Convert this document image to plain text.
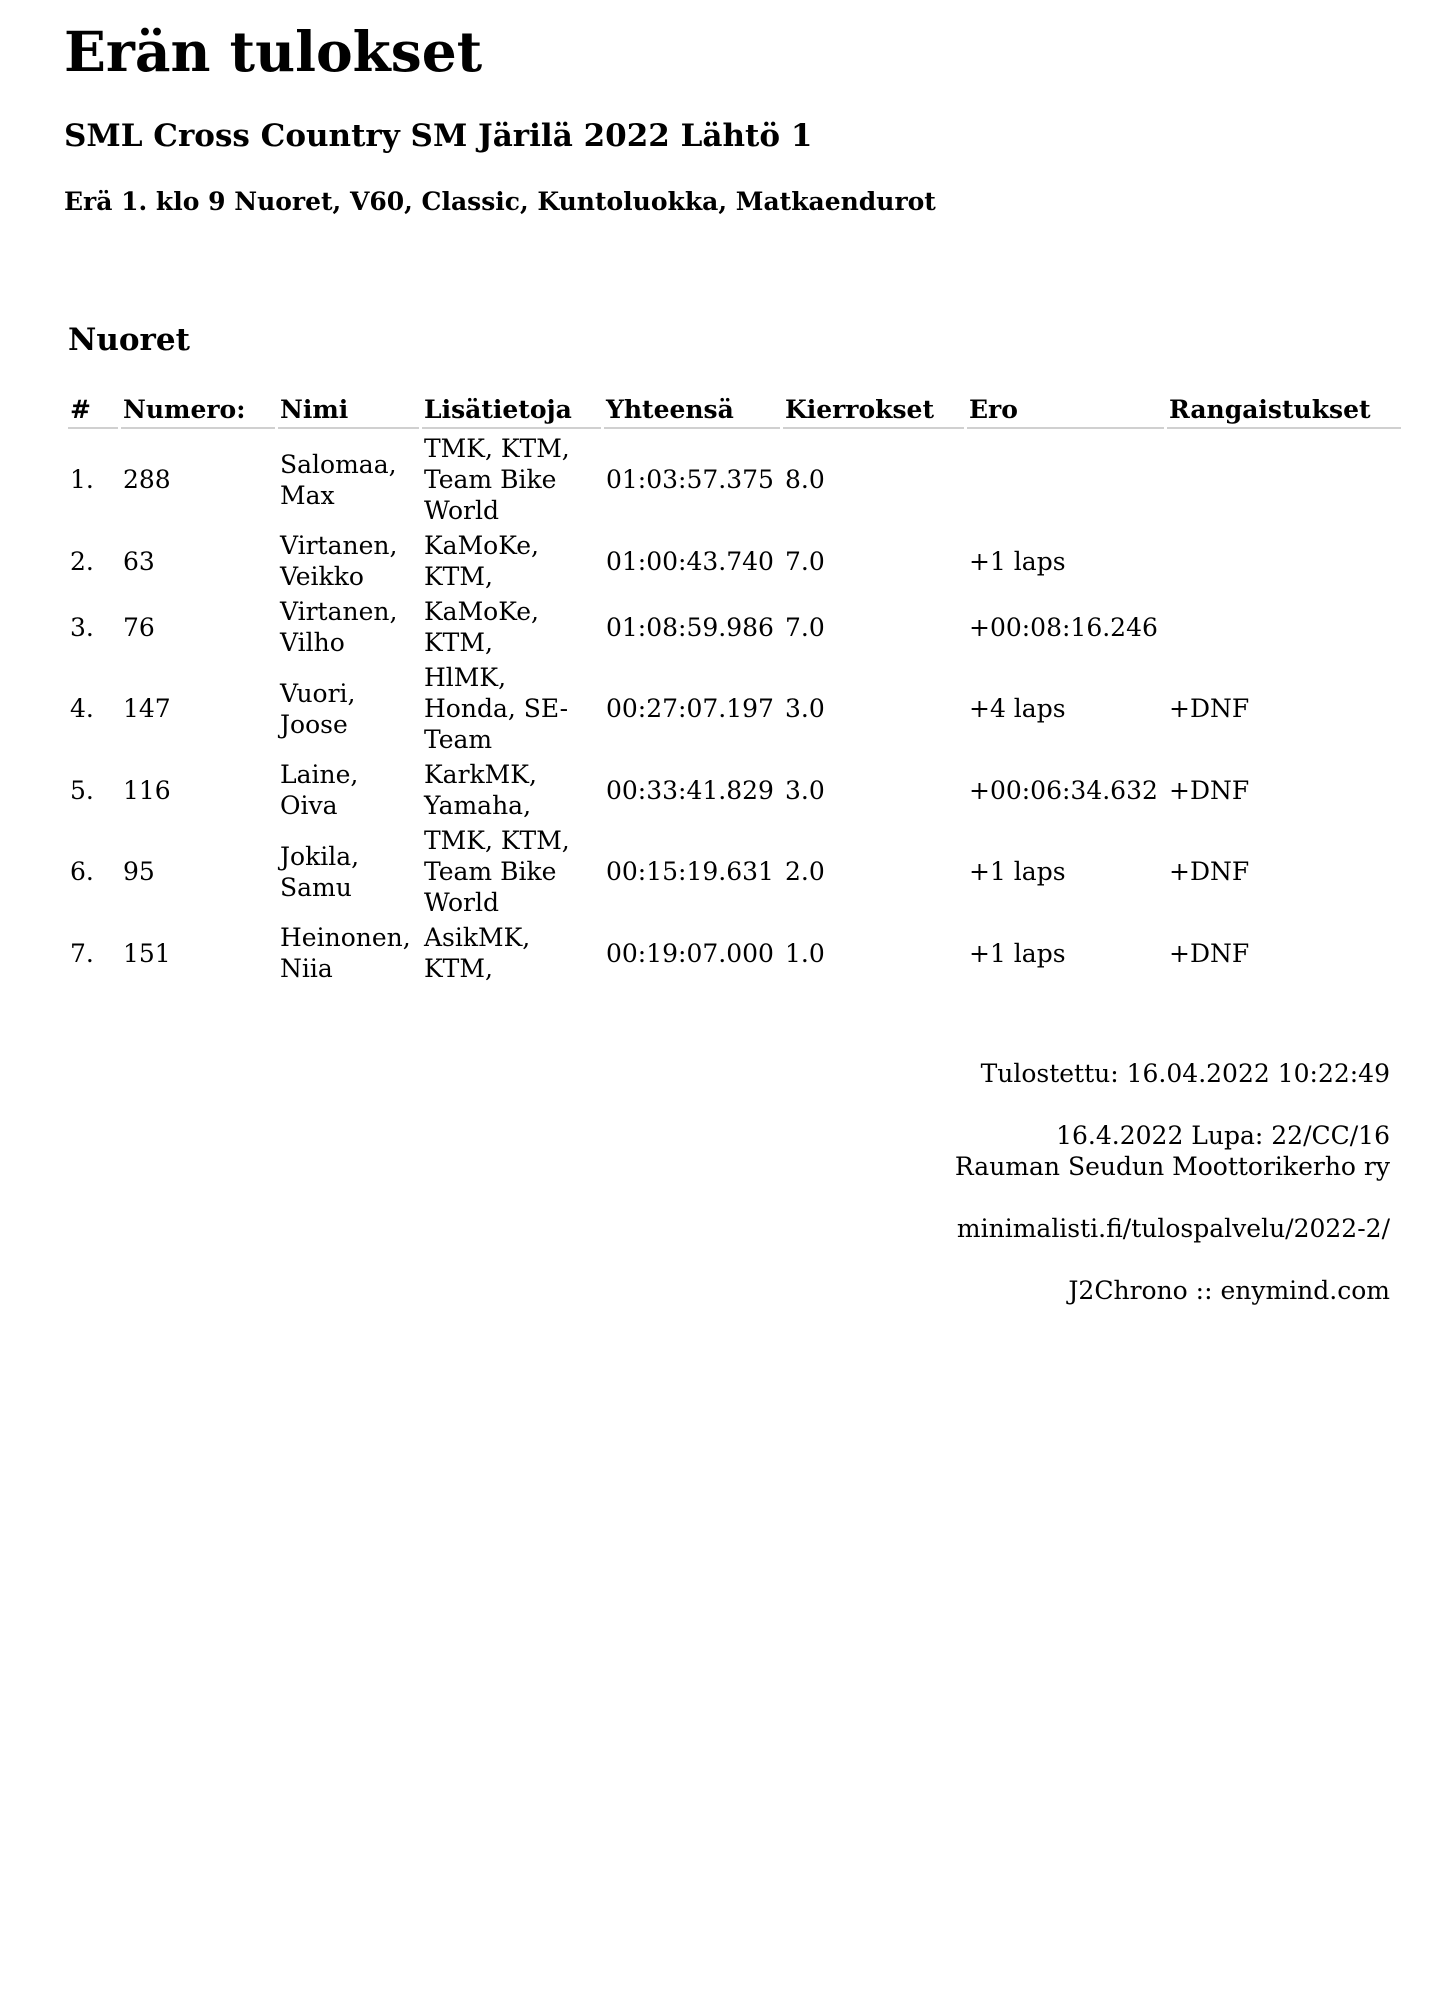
Erän tulokset
SML Cross Country SM Järilä 2022 Lähtö 1
Erä 1. klo 9 Nuoret, V60, Classic, Kuntoluokka, Matkaendurot
Nuoret
#	Numero:	Nimi	Lisätietoja	Yhteensä	Kierrokset	Ero	Rangaistukset
1.	288	Salomaa, Max	TMK, KTM, Team Bike World	01:03:57.375	8.0		
2.	63	Virtanen, Veikko	KaMoKe, KTM,	01:00:43.740	7.0	+1 laps	
3.	76	Virtanen, Vilho	KaMoKe, KTM,	01:08:59.986	7.0	+00:08:16.246	
4.	147	Vuori, Joose	HlMK, Honda, SE-Team	00:27:07.197	3.0	+4 laps	+DNF
5.	116	Laine, Oiva	KarkMK, Yamaha,	00:33:41.829	3.0	+00:06:34.632	+DNF
6.	95	Jokila, Samu	TMK, KTM, Team Bike World	00:15:19.631	2.0	+1 laps	+DNF
7.	151	Heinonen, Niia	AsikMK, KTM,	00:19:07.000	1.0	+1 laps	+DNF

Tulostettu: 16.04.2022 10:22:49

16.4.2022 Lupa: 22/CC/16

Rauman Seudun Moottorikerho ry

minimalisti.fi/tulospalvelu/2022-2/

J2Chrono :: enymind.com
